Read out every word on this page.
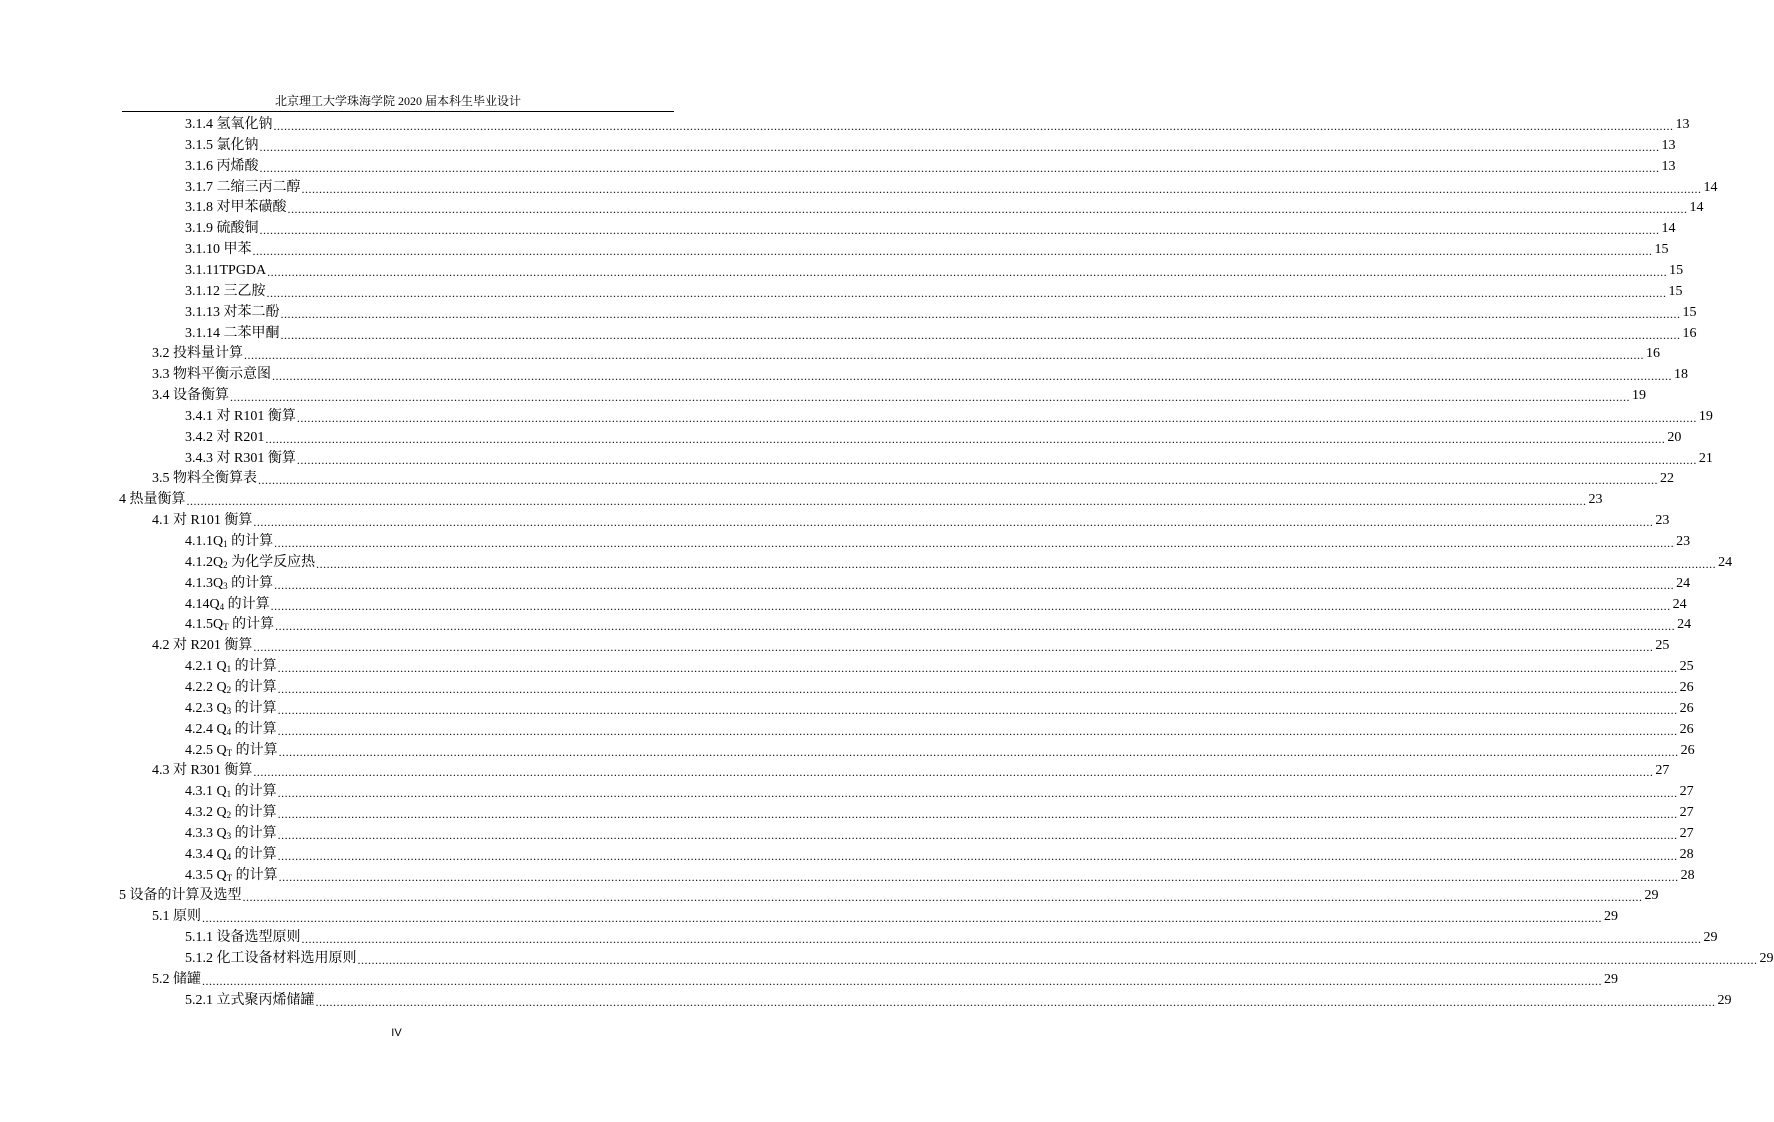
北京理工大学珠海学院 2020 届本科生毕业设计
3.1.4 氢氧化钠 ................................................................................................................................................................................................................................................................................................................................................................................................................ 13
3.1.5 氯化钠 ................................................................................................................................................................................................................................................................................................................................................................................................................ 13
3.1.6 丙烯酸 ................................................................................................................................................................................................................................................................................................................................................................................................................ 13
3.1.7 二缩三丙二醇 ................................................................................................................................................................................................................................................................................................................................................................................................................ 14
3.1.8 对甲苯磺酸 ................................................................................................................................................................................................................................................................................................................................................................................................................ 14
3.1.9 硫酸铜 ................................................................................................................................................................................................................................................................................................................................................................................................................ 14
3.1.10 甲苯 ................................................................................................................................................................................................................................................................................................................................................................................................................ 15
3.1.11TPGDA ................................................................................................................................................................................................................................................................................................................................................................................................................ 15
3.1.12 三乙胺 ................................................................................................................................................................................................................................................................................................................................................................................................................ 15
3.1.13 对苯二酚 ................................................................................................................................................................................................................................................................................................................................................................................................................ 15
3.1.14 二苯甲酮 ................................................................................................................................................................................................................................................................................................................................................................................................................ 16
3.2 投料量计算 ................................................................................................................................................................................................................................................................................................................................................................................................................ 16
3.3 物料平衡示意图 ................................................................................................................................................................................................................................................................................................................................................................................................................ 18
3.4 设备衡算 ................................................................................................................................................................................................................................................................................................................................................................................................................ 19
3.4.1 对 R101 衡算 ................................................................................................................................................................................................................................................................................................................................................................................................................ 19
3.4.2 对 R201 ................................................................................................................................................................................................................................................................................................................................................................................................................ 20
3.4.3 对 R301 衡算 ................................................................................................................................................................................................................................................................................................................................................................................................................ 21
3.5 物料全衡算表 ................................................................................................................................................................................................................................................................................................................................................................................................................ 22
4 热量衡算 ................................................................................................................................................................................................................................................................................................................................................................................................................ 23
4.1 对 R101 衡算 ................................................................................................................................................................................................................................................................................................................................................................................................................ 23
$4.1.1Q_1$ 的计算 ................................................................................................................................................................................................................................................................................................................................................................................................................ 23
$4.1.2Q_2$ 为化学反应热 ................................................................................................................................................................................................................................................................................................................................................................................................................ 24
$4.1.3Q_3$ 的计算 ................................................................................................................................................................................................................................................................................................................................................................................................................ 24
$4.14Q_4$ 的计算 ................................................................................................................................................................................................................................................................................................................................................................................................................ 24
$4.1.5Q_T$ 的计算 ................................................................................................................................................................................................................................................................................................................................................................................................................ 24
4.2 对 R201 衡算 ................................................................................................................................................................................................................................................................................................................................................................................................................ 25
4.2.1 $Q_1$ 的计算 ................................................................................................................................................................................................................................................................................................................................................................................................................ 25
4.2.2 $Q_2$ 的计算 ................................................................................................................................................................................................................................................................................................................................................................................................................ 26
4.2.3 $Q_3$ 的计算 ................................................................................................................................................................................................................................................................................................................................................................................................................ 26
4.2.4 $Q_4$ 的计算 ................................................................................................................................................................................................................................................................................................................................................................................................................ 26
4.2.5 $Q_T$ 的计算 ................................................................................................................................................................................................................................................................................................................................................................................................................ 26
4.3 对 R301 衡算 ................................................................................................................................................................................................................................................................................................................................................................................................................ 27
4.3.1 $Q_1$ 的计算 ................................................................................................................................................................................................................................................................................................................................................................................................................ 27
4.3.2 $Q_2$ 的计算 ................................................................................................................................................................................................................................................................................................................................................................................................................ 27
4.3.3 $Q_3$ 的计算 ................................................................................................................................................................................................................................................................................................................................................................................................................ 27
4.3.4 $Q_4$ 的计算 ................................................................................................................................................................................................................................................................................................................................................................................................................ 28
4.3.5 $Q_T$ 的计算 ................................................................................................................................................................................................................................................................................................................................................................................................................ 28
5 设备的计算及选型 ................................................................................................................................................................................................................................................................................................................................................................................................................ 29
5.1 原则 ................................................................................................................................................................................................................................................................................................................................................................................................................ 29
5.1.1 设备选型原则 ................................................................................................................................................................................................................................................................................................................................................................................................................ 29
5.1.2 化工设备材料选用原则 ................................................................................................................................................................................................................................................................................................................................................................................................................ 29
5.2 储罐 ................................................................................................................................................................................................................................................................................................................................................................................................................ 29
5.2.1 立式聚丙烯储罐 ................................................................................................................................................................................................................................................................................................................................................................................................................ 29
IV
